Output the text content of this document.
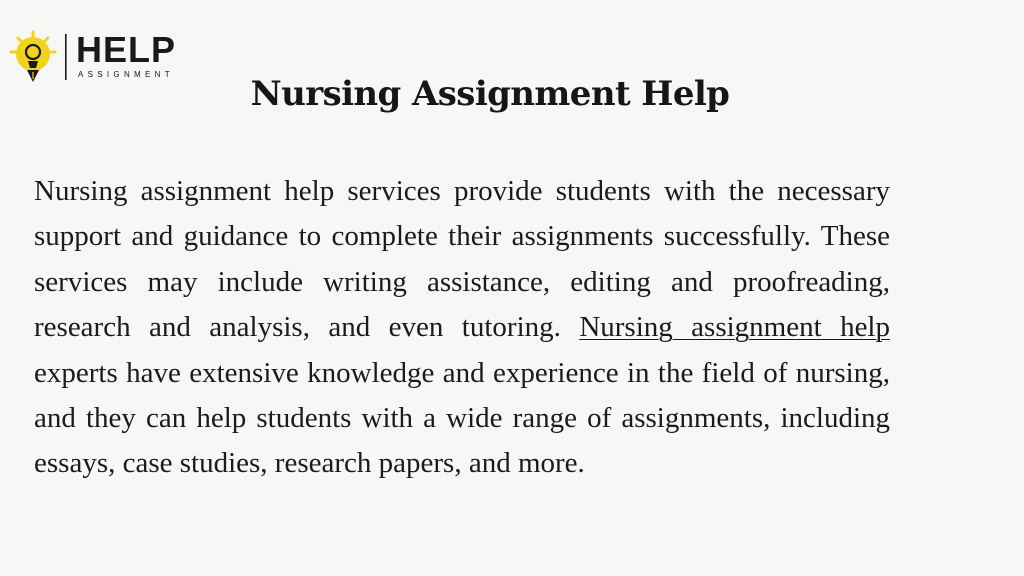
HELP
ASSIGNMENT	Nursing Assignment Help

Nursing assignment help services provide students with the necessary support and guidance to complete their assignments successfully. These services may include writing assistance, editing and proofreading, research and analysis, and even tutoring. Nursing assignment help experts have extensive knowledge and experience in the field of nursing, and they can help students with a wide range of assignments, including essays, case studies, research papers, and more.
